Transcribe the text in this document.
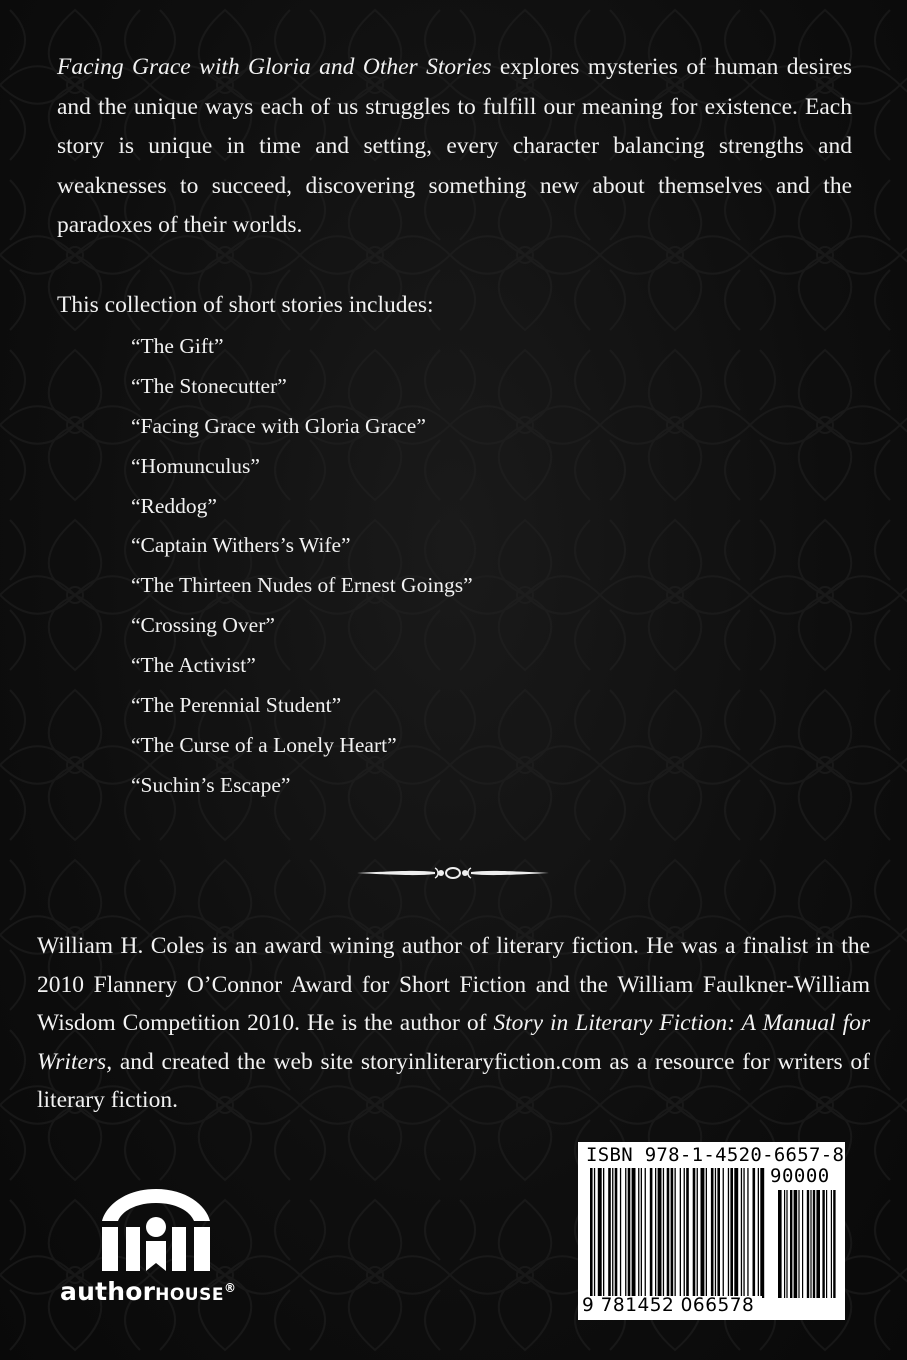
Facing Grace with Gloria and Other Stories explores mysteries of human desires and the unique ways each of us struggles to fulfill our meaning for existence. Each story is unique in time and setting, every character balancing strengths and weaknesses to succeed, discovering something new about themselves and the paradoxes of their worlds.
This collection of short stories includes:
“The Gift”
“The Stonecutter”
“Facing Grace with Gloria Grace”
“Homunculus”
“Reddog”
“Captain Withers’s Wife”
“The Thirteen Nudes of Ernest Goings”
“Crossing Over”
“The Activist”
“The Perennial Student”
“The Curse of a Lonely Heart”
“Suchin’s Escape”
William H. Coles is an award wining author of literary fiction. He was a finalist in the 2010 Flannery O’Connor Award for Short Fiction and the William Faulkner-William Wisdom Competition 2010. He is the author of Story in Literary Fiction: A Manual for Writers, and created the web site storyinliteraryfiction.com as a resource for writers of literary fiction.
authorHOUSE®
ISBN 978-1-4520-6657-8
90000
9 781452 066578
